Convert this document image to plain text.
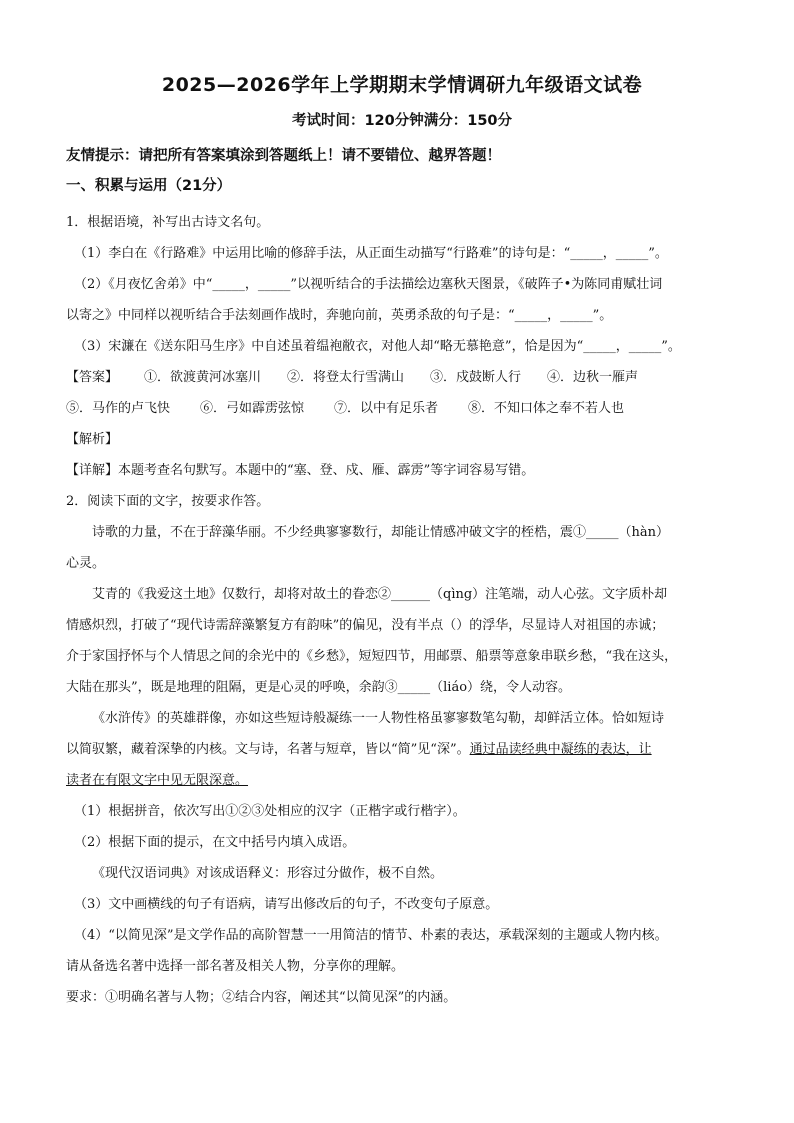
2025—2026学年上学期期末学情调研九年级语文试卷
考试时间：120分钟满分：150分
友情提示：请把所有答案填涂到答题纸上！请不要错位、越界答题！
一、积累与运用（21分）

1．根据语境，补写出古诗文名句。

（1）李白在《行路难》中运用比喻的修辞手法，从正面生动描写“行路难”的诗句是：“_____，_____”。

（2）《月夜忆舍弟》中“_____，_____”以视听结合的手法描绘边塞秋天图景，《破阵子•为陈同甫赋壮词

以寄之》中同样以视听结合手法刻画作战时，奔驰向前，英勇杀敌的句子是：“_____，_____”。

（3）宋濂在《送东阳马生序》中自述虽着缊袍敝衣，对他人却“略无慕艳意”，恰是因为“_____，_____”。

【答案】	①．欲渡黄河冰塞川 ②．将登太行雪满山 ③．戍鼓断人行 ④．边秋一雁声
⑤．马作的卢飞快 ⑥．弓如霹雳弦惊 ⑦．以中有足乐者 ⑧．不知口体之奉不若人也

【解析】

【详解】本题考查名句默写。本题中的“塞、登、戍、雁、霹雳”等字词容易写错。

2．阅读下面的文字，按要求作答。

诗歌的力量，不在于辞藻华丽。不少经典寥寥数行，却能让情感冲破文字的桎梏，震①_____（hàn）

心灵。

艾青的《我爱这土地》仅数行，却将对故土的眷恋②______（qìng）注笔端，动人心弦。文字质朴却

情感炽烈，打破了“现代诗需辞藻繁复方有韵味”的偏见，没有半点（）的浮华，尽显诗人对祖国的赤诚；

介于家国抒怀与个人情思之间的余光中的《乡愁》，短短四节，用邮票、船票等意象串联乡愁，“我在这头，

大陆在那头”，既是地理的阻隔，更是心灵的呼唤，余韵③_____（liáo）绕，令人动容。

《水浒传》的英雄群像，亦如这些短诗般凝练一一人物性格虽寥寥数笔勾勒，却鲜活立体。恰如短诗

以简驭繁，藏着深挚的内核。文与诗，名著与短章，皆以“简”见“深”。通过品读经典中凝练的表达，让

读者在有限文字中见无限深意。

（1）根据拼音，依次写出①②③处相应的汉字（正楷字或行楷字）。

（2）根据下面的提示，在文中括号内填入成语。

《现代汉语词典》对该成语释义：形容过分做作，极不自然。

（3）文中画横线的句子有语病，请写出修改后的句子，不改变句子原意。

（4）“以简见深”是文学作品的高阶智慧一一用简洁的情节、朴素的表达，承载深刻的主题或人物内核。

请从备选名著中选择一部名著及相关人物，分享你的理解。

要求：①明确名著与人物；②结合内容，阐述其“以简见深”的内涵。
